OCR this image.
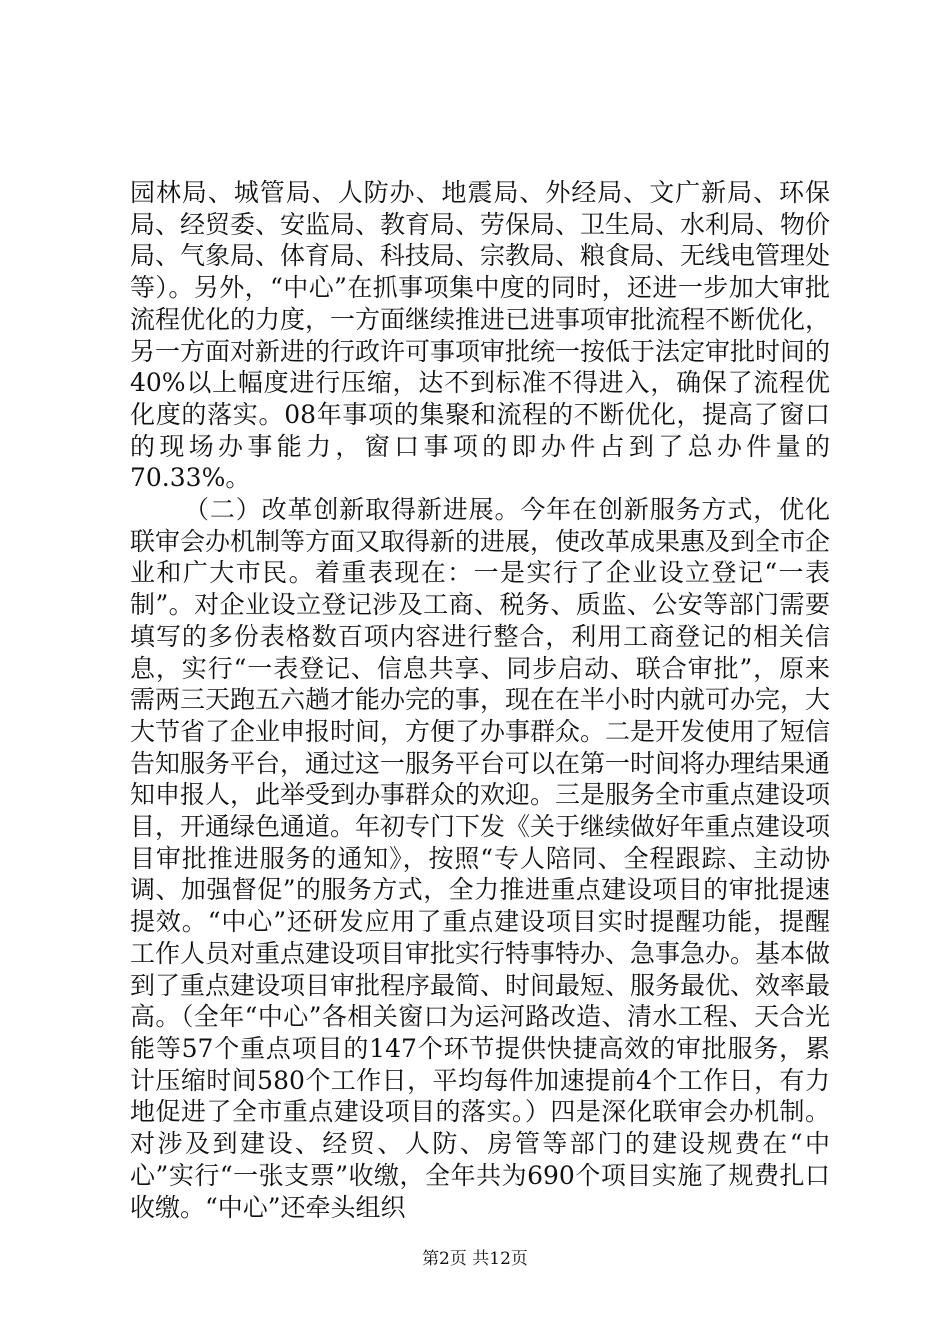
园林局、城管局、人防办、地震局、外经局、文广新局、环保局、经贸委、安监局、教育局、劳保局、卫生局、水利局、物价局、气象局、体育局、科技局、宗教局、粮食局、无线电管理处等）。另外，“中心”在抓事项集中度的同时，还进一步加大审批流程优化的力度，一方面继续推进已进事项审批流程不断优化，另一方面对新进的行政许可事项审批统一按低于法定审批时间的40%以上幅度进行压缩，达不到标准不得进入，确保了流程优化度的落实。08年事项的集聚和流程的不断优化，提高了窗口的现场办事能力，窗口事项的即办件占到了总办件量的70.33%。

（二）改革创新取得新进展。今年在创新服务方式，优化联审会办机制等方面又取得新的进展，使改革成果惠及到全市企业和广大市民。着重表现在：一是实行了企业设立登记“一表制”。对企业设立登记涉及工商、税务、质监、公安等部门需要填写的多份表格数百项内容进行整合，利用工商登记的相关信息，实行“一表登记、信息共享、同步启动、联合审批”，原来需两三天跑五六趟才能办完的事，现在在半小时内就可办完，大大节省了企业申报时间，方便了办事群众。二是开发使用了短信告知服务平台，通过这一服务平台可以在第一时间将办理结果通知申报人，此举受到办事群众的欢迎。三是服务全市重点建设项目，开通绿色通道。年初专门下发《关于继续做好年重点建设项目审批推进服务的通知》，按照“专人陪同、全程跟踪、主动协调、加强督促”的服务方式，全力推进重点建设项目的审批提速提效。“中心”还研发应用了重点建设项目实时提醒功能，提醒工作人员对重点建设项目审批实行特事特办、急事急办。基本做到了重点建设项目审批程序最简、时间最短、服务最优、效率最高。（全年“中心”各相关窗口为运河路改造、清水工程、天合光能等57个重点项目的147个环节提供快捷高效的审批服务，累计压缩时间580个工作日，平均每件加速提前4个工作日，有力地促进了全市重点建设项目的落实。）四是深化联审会办机制。对涉及到建设、经贸、人防、房管等部门的建设规费在“中心”实行“一张支票”收缴，全年共为690个项目实施了规费扎口收缴。“中心”还牵头组织

第2页 共12页
